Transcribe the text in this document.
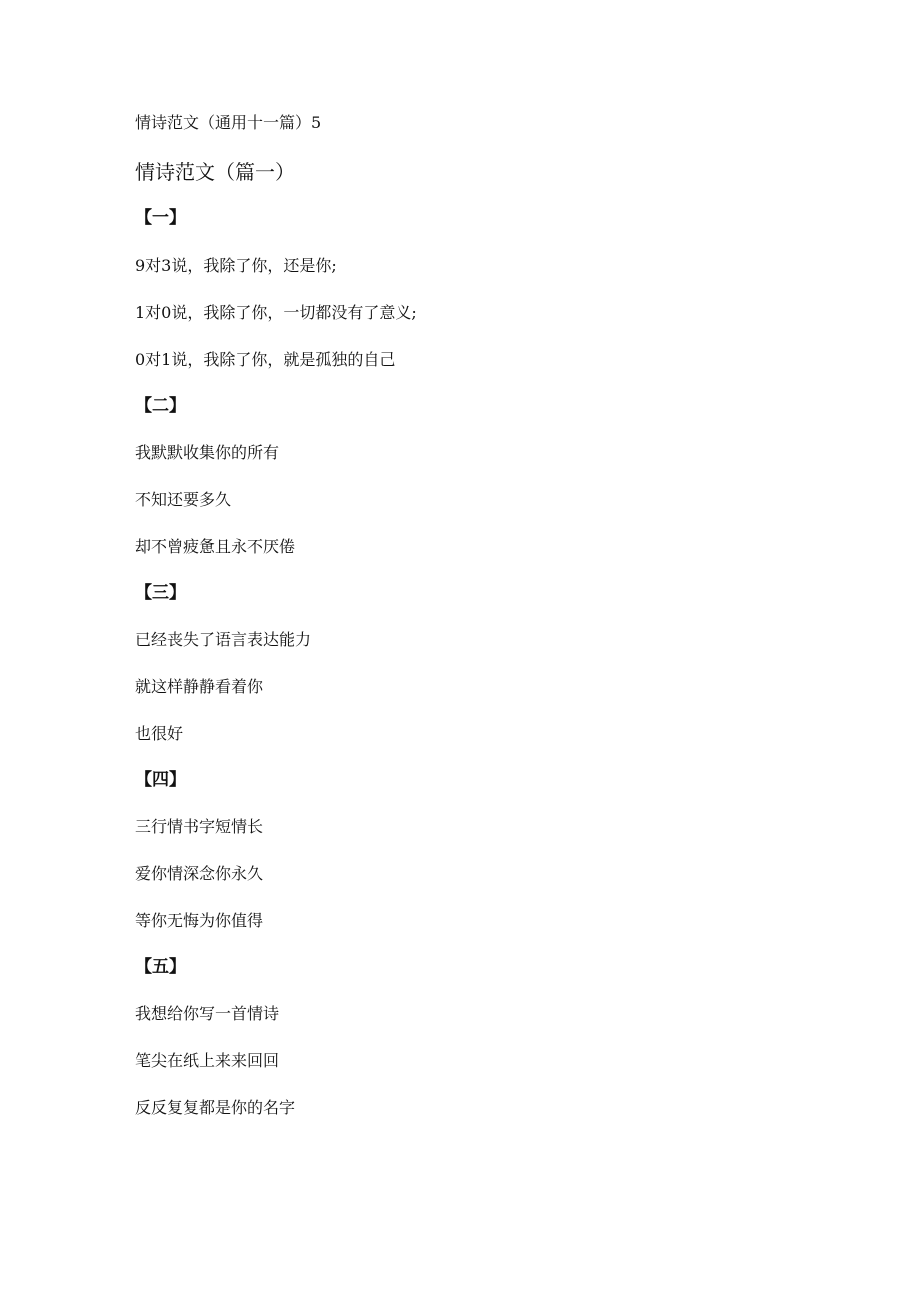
情诗范文（通用十一篇）5
情诗范文（篇一）
【一】
9对3说，我除了你，还是你;
1对0说，我除了你，一切都没有了意义;
0对1说，我除了你，就是孤独的自己
【二】
我默默收集你的所有
不知还要多久
却不曾疲惫且永不厌倦
【三】
已经丧失了语言表达能力
就这样静静看着你
也很好
【四】
三行情书字短情长
爱你情深念你永久
等你无悔为你值得
【五】
我想给你写一首情诗
笔尖在纸上来来回回
反反复复都是你的名字
